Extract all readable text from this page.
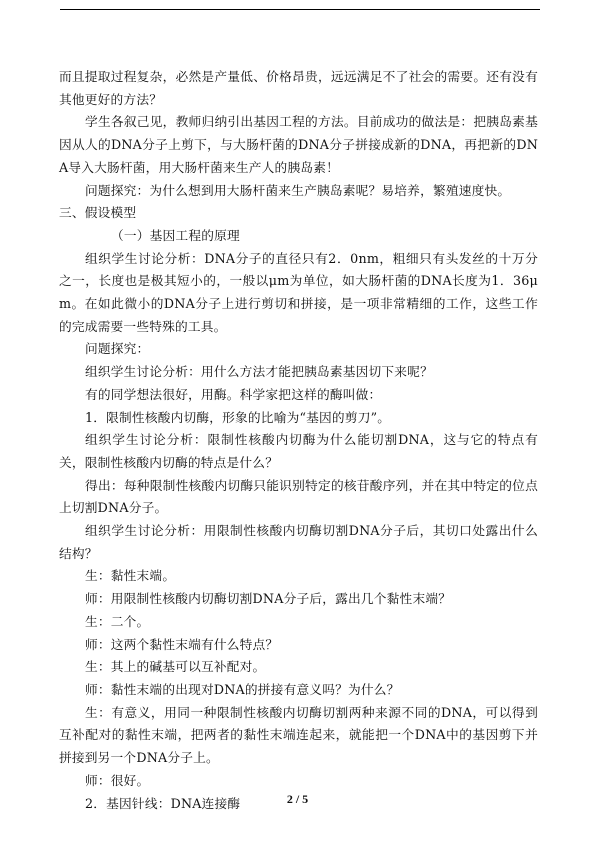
而且提取过程复杂，必然是产量低、价格昂贵，远远满足不了社会的需要。还有没有其他更好的方法？

学生各叙己见，教师归纳引出基因工程的方法。目前成功的做法是：把胰岛素基因从人的DNA分子上剪下，与大肠杆菌的DNA分子拼接成新的DNA，再把新的DNA导入大肠杆菌，用大肠杆菌来生产人的胰岛素！

问题探究：为什么想到用大肠杆菌来生产胰岛素呢？易培养，繁殖速度快。

三、假设模型

（一）基因工程的原理

组织学生讨论分析：DNA分子的直径只有2．0nm，粗细只有头发丝的十万分之一，长度也是极其短小的，一般以μm为单位，如大肠杆菌的DNA长度为1．36μm。在如此微小的DNA分子上进行剪切和拼接，是一项非常精细的工作，这些工作的完成需要一些特殊的工具。

问题探究：

组织学生讨论分析：用什么方法才能把胰岛素基因切下来呢？

有的同学想法很好，用酶。科学家把这样的酶叫做：

1．限制性核酸内切酶，形象的比喻为“基因的剪刀”。

组织学生讨论分析：限制性核酸内切酶为什么能切割DNA，这与它的特点有关，限制性核酸内切酶的特点是什么？

得出：每种限制性核酸内切酶只能识别特定的核苷酸序列，并在其中特定的位点上切割DNA分子。

组织学生讨论分析：用限制性核酸内切酶切割DNA分子后，其切口处露出什么结构？

生：黏性末端。

师：用限制性核酸内切酶切割DNA分子后，露出几个黏性末端？

生：二个。

师：这两个黏性末端有什么特点？

生：其上的碱基可以互补配对。

师：黏性末端的出现对DNA的拼接有意义吗？为什么？

生：有意义，用同一种限制性核酸内切酶切割两种来源不同的DNA，可以得到互补配对的黏性末端，把两者的黏性末端连起来，就能把一个DNA中的基因剪下并拼接到另一个DNA分子上。

师：很好。

2．基因针线：DNA连接酶	2 / 5
